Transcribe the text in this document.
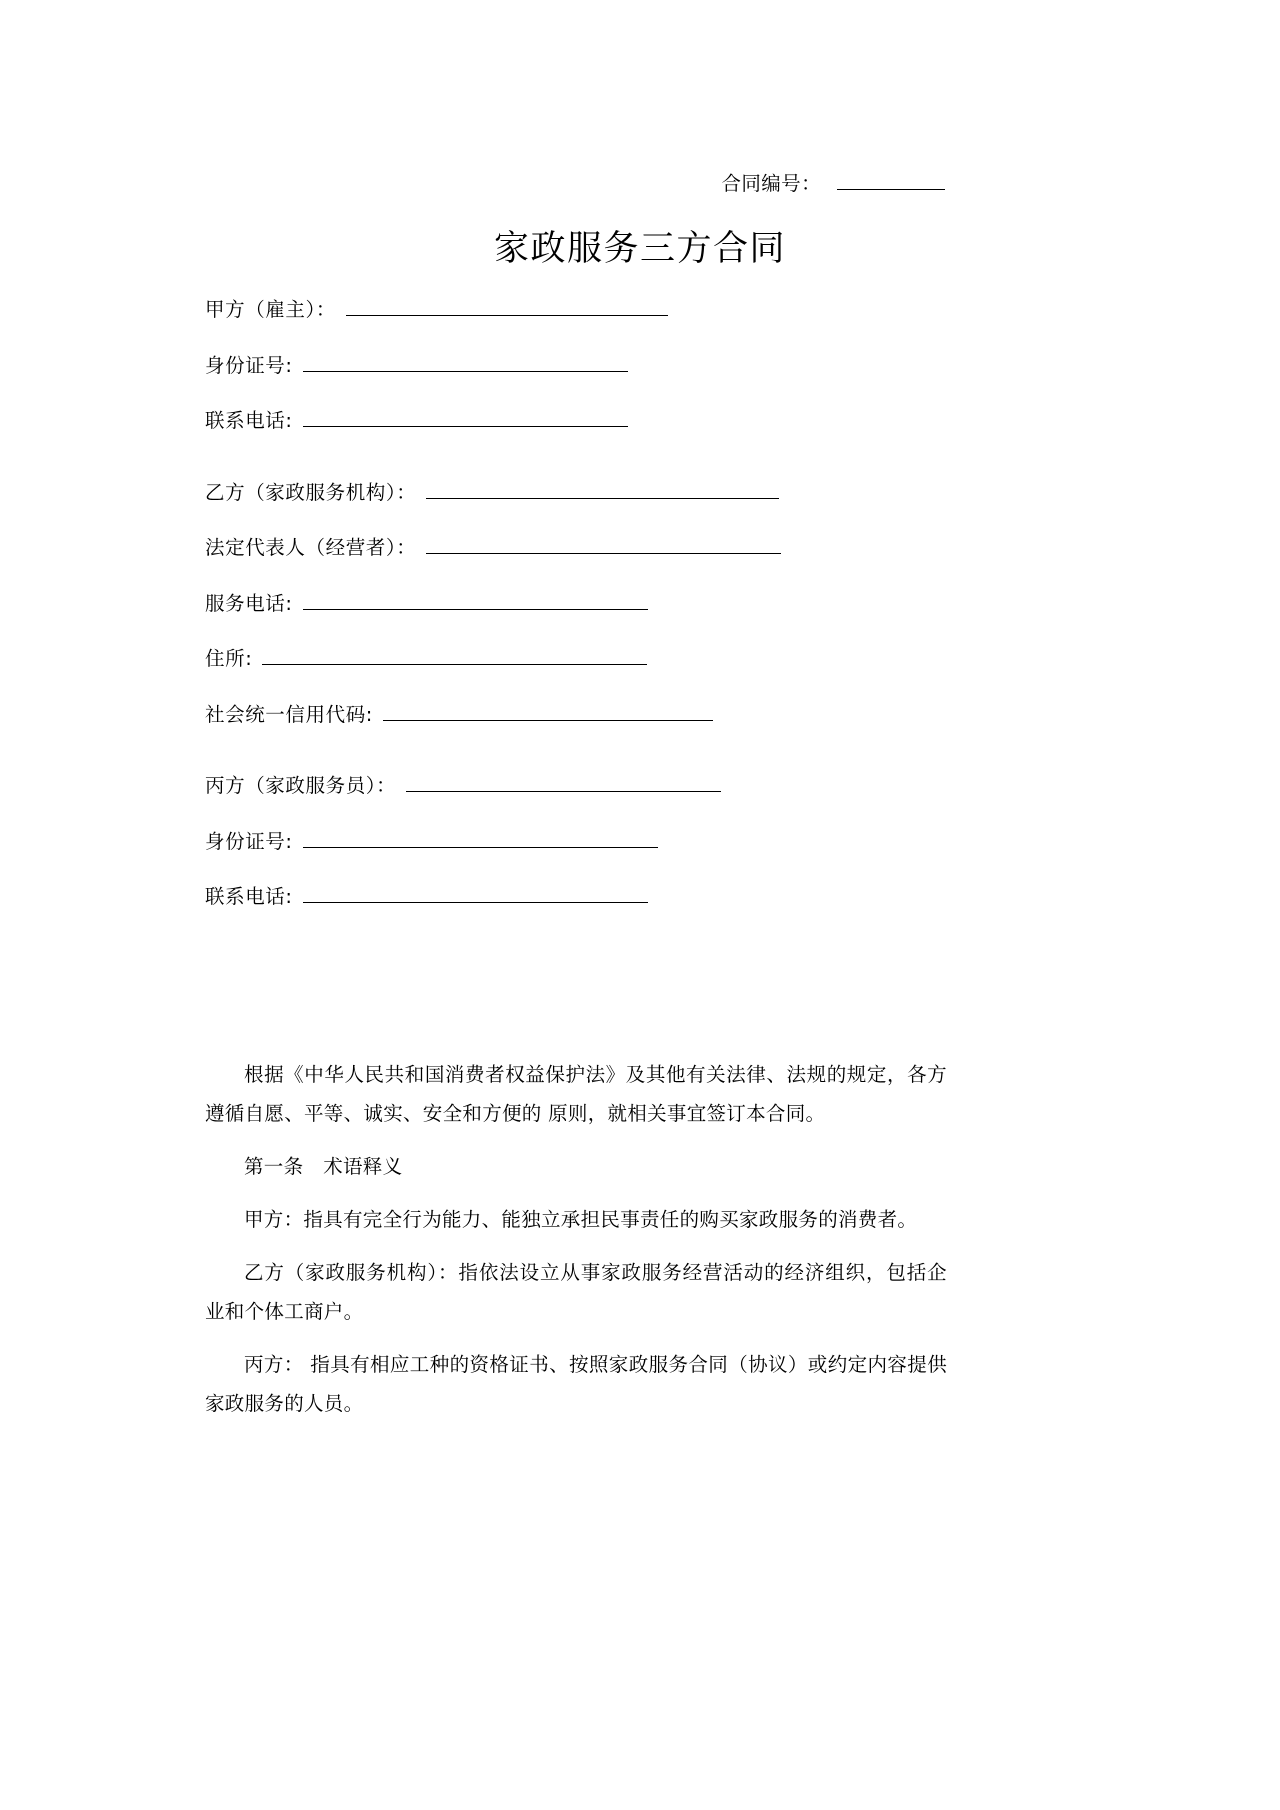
合同编号：
家政服务三方合同
甲方（雇主）：
身份证号:
联系电话:
乙方（家政服务机构）：
法定代表人（经营者）：
服务电话:
住所:
社会统一信用代码:
丙方（家政服务员）：
身份证号:
联系电话:

根据《中华人民共和国消费者权益保护法》及其他有关法律、法规的规定，各方遵循自愿、平等、诚实、安全和方便的 原则，就相关事宜签订本合同。

第一条　术语释义

甲方：指具有完全行为能力、能独立承担民事责任的购买家政服务的消费者。

乙方（家政服务机构）：指依法设立从事家政服务经营活动的经济组织，包括企业和个体工商户。

丙方： 指具有相应工种的资格证书、按照家政服务合同（协议）或约定内容提供家政服务的人员。
